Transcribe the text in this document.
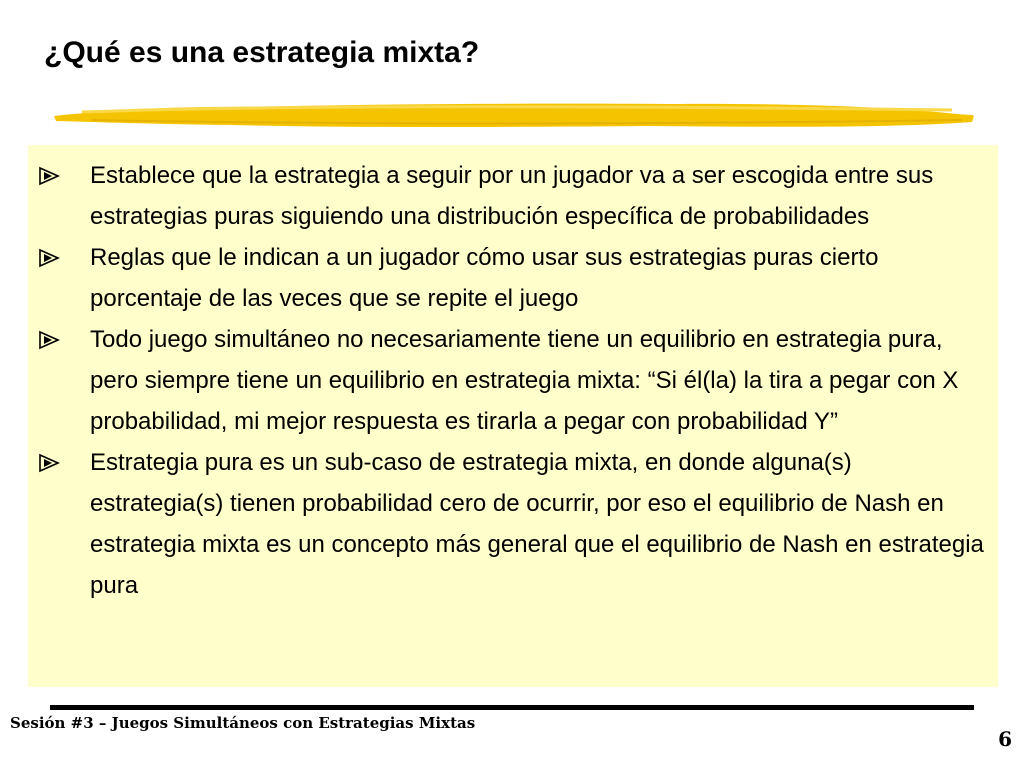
¿Qué es una estrategia mixta?
Establece que la estrategia a seguir por un jugador va a ser escogida entre sus estrategias puras siguiendo una distribución específica de probabilidades
Reglas que le indican a un jugador cómo usar sus estrategias puras cierto porcentaje de las veces que se repite el juego
Todo juego simultáneo no necesariamente tiene un equilibrio en estrategia pura, pero siempre tiene un equilibrio en estrategia mixta: “Si él(la) la tira a pegar con X probabilidad, mi mejor respuesta es tirarla a pegar con probabilidad Y”
Estrategia pura es un sub-caso de estrategia mixta, en donde alguna(s) estrategia(s) tienen probabilidad cero de ocurrir, por eso el equilibrio de Nash en estrategia mixta es un concepto más general que el equilibrio de Nash en estrategia pura
Sesión #3 – Juegos Simultáneos con Estrategias Mixtas
6
